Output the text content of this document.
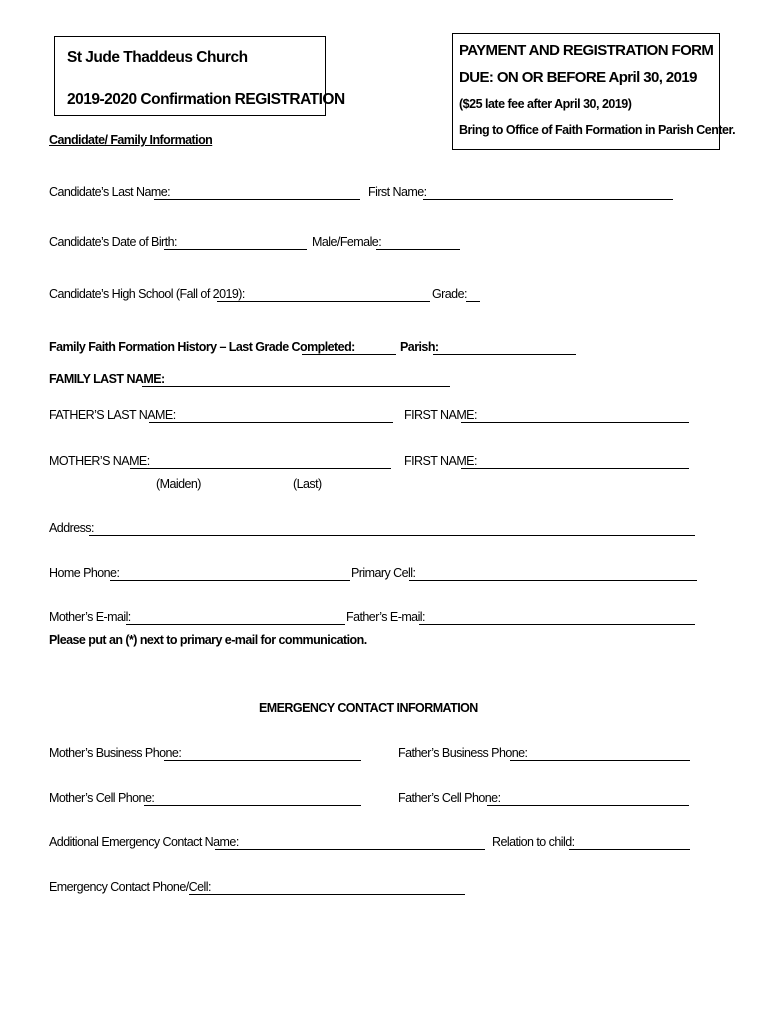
St Jude Thaddeus Church
2019-2020 Confirmation REGISTRATION
PAYMENT AND REGISTRATION FORM
DUE: ON OR BEFORE April 30, 2019
($25 late fee after April 30, 2019)
Bring to Office of Faith Formation in Parish Center.
Candidate/ Family Information
Candidate’s Last Name:	First Name:
Candidate’s Date of Birth:	Male/Female:
Candidate’s High School (Fall of 2019):	Grade:
Family Faith Formation History – Last Grade Completed:	Parish:
FAMILY LAST NAME:
FATHER’S LAST NAME:	FIRST NAME:
MOTHER’S NAME:	FIRST NAME:
(Maiden)	(Last)
Address:
Home Phone:	Primary Cell:
Mother’s E-mail:	Father’s E-mail:
Please put an (*) next to primary e-mail for communication.
EMERGENCY CONTACT INFORMATION
Mother’s Business Phone:	Father’s Business Phone:
Mother’s Cell Phone:	Father’s Cell Phone:
Additional Emergency Contact Name:	Relation to child:
Emergency Contact Phone/Cell:
